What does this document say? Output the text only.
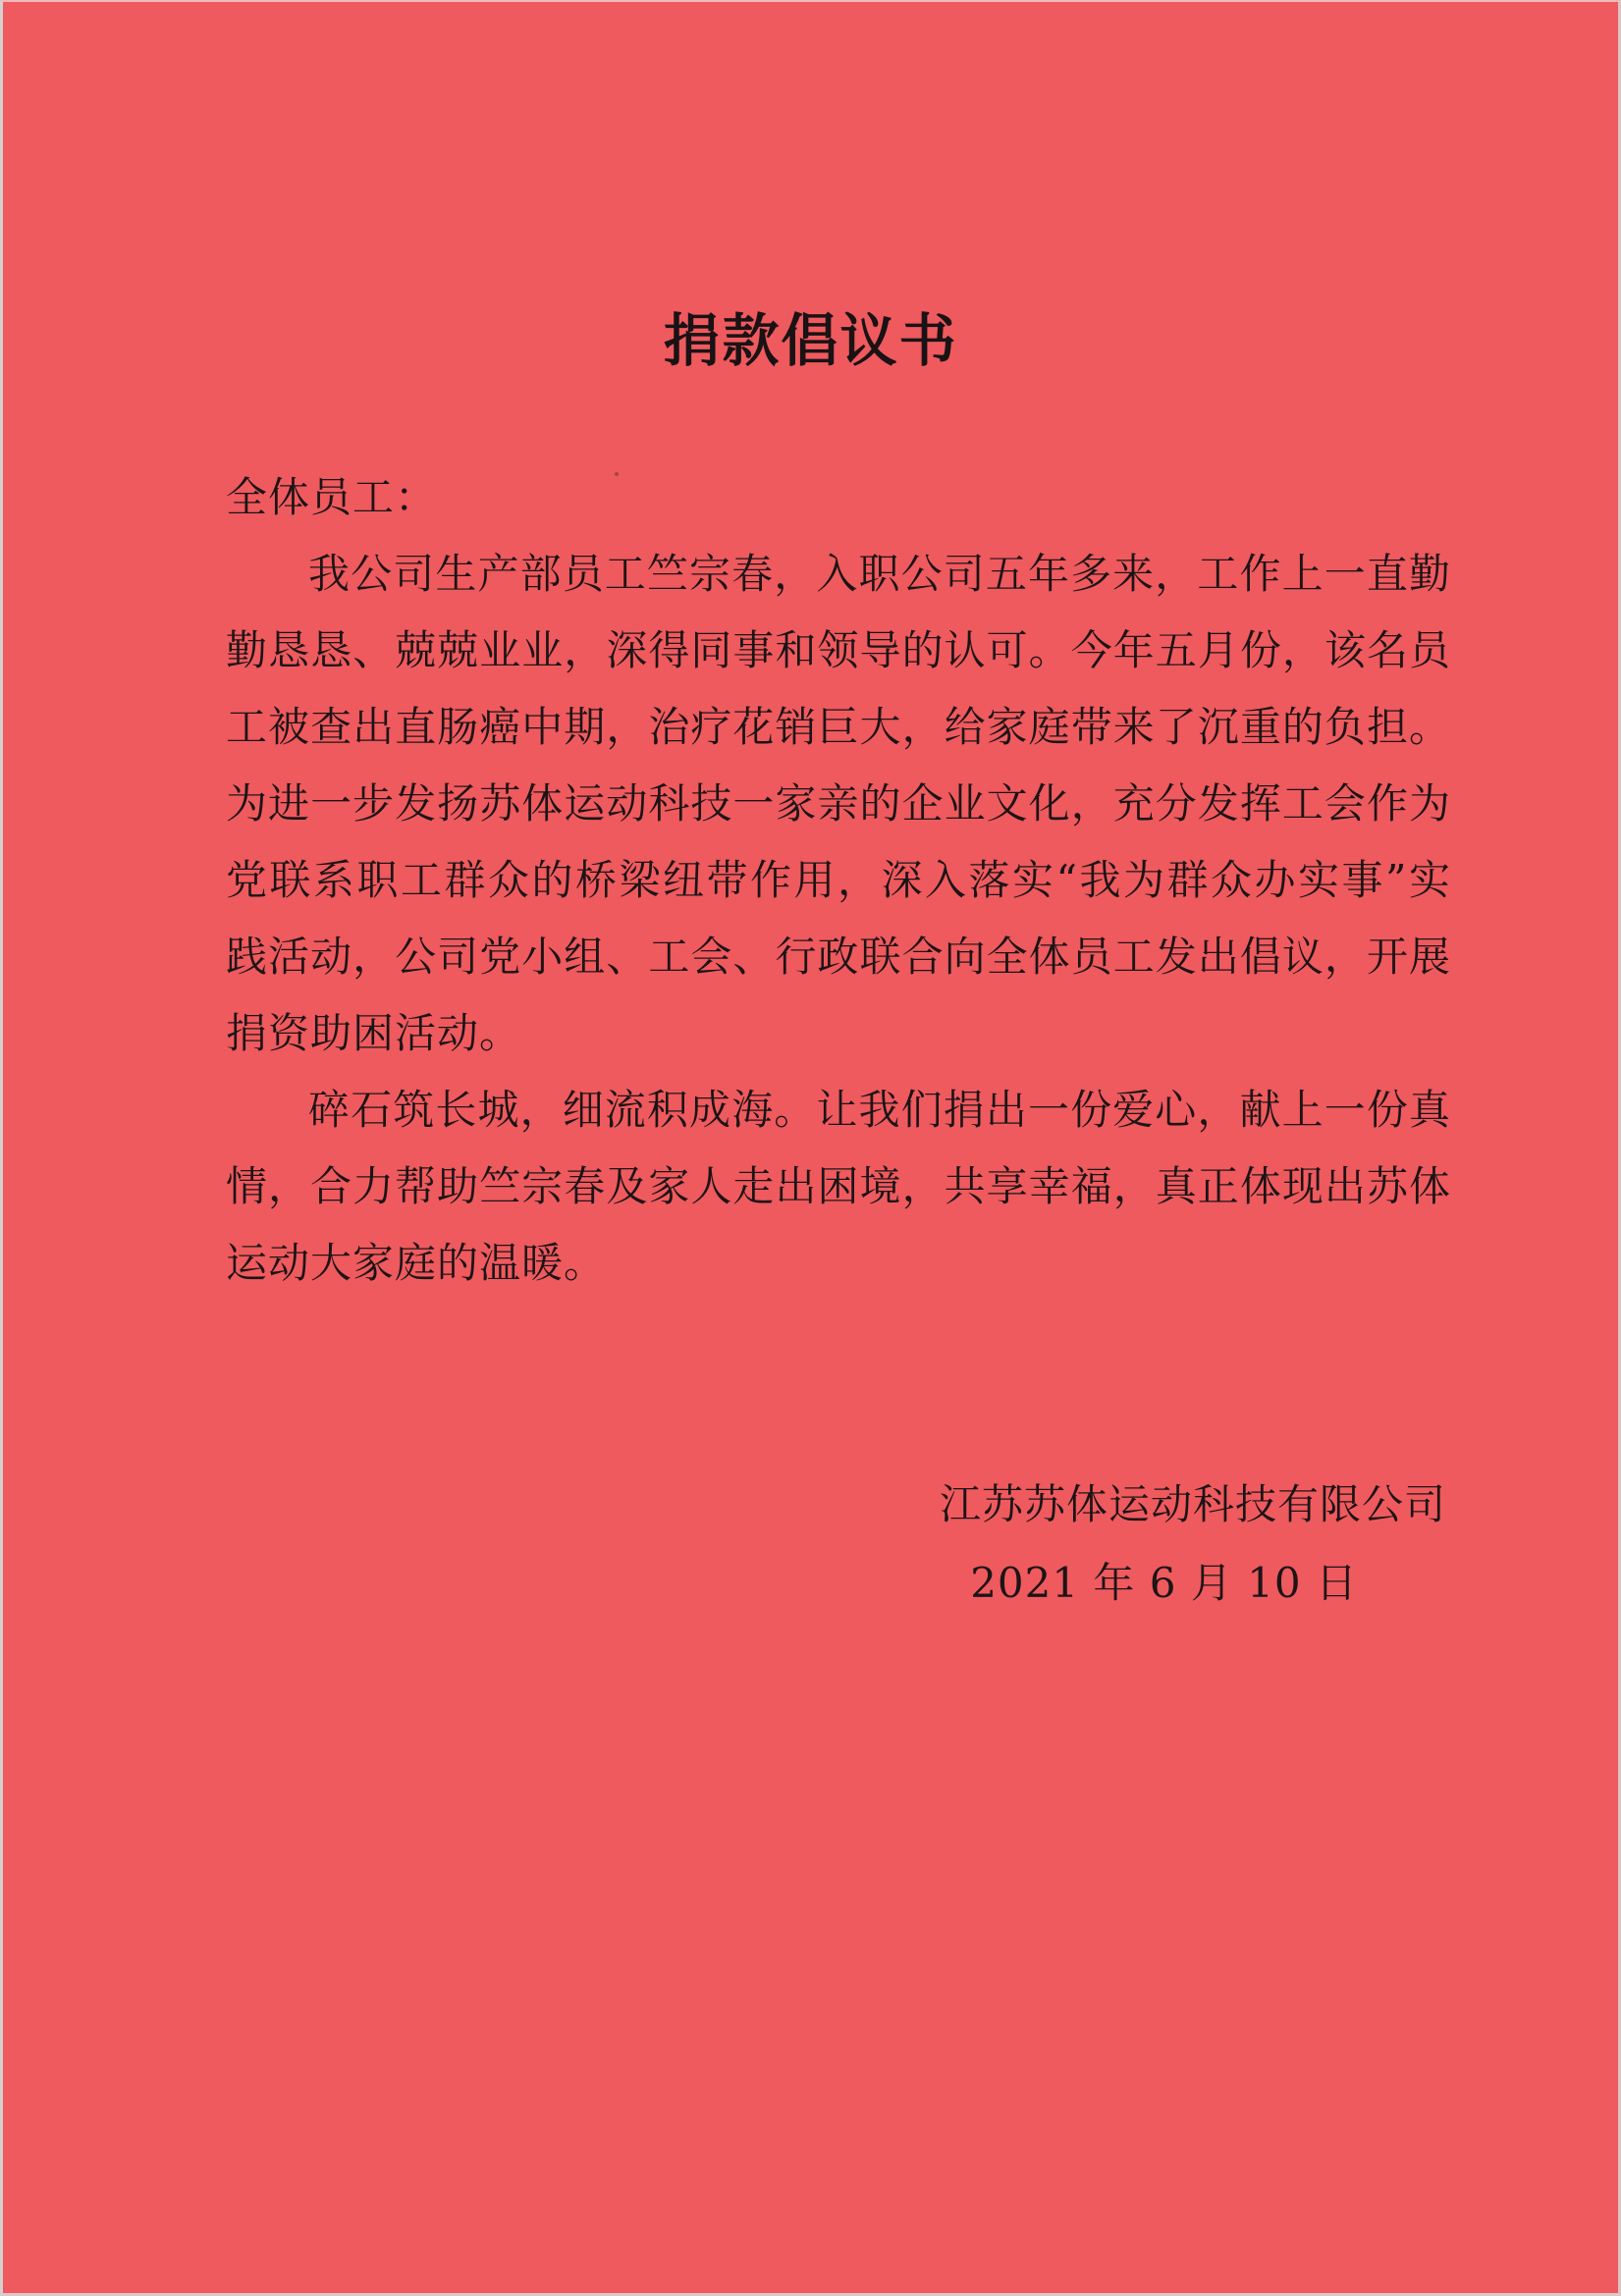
捐款倡议书

全体员工：

我公司生产部员工竺宗春，入职公司五年多来，工作上一直勤勤恳恳、兢兢业业，深得同事和领导的认可。今年五月份，该名员工被查出直肠癌中期，治疗花销巨大，给家庭带来了沉重的负担。为进一步发扬苏体运动科技一家亲的企业文化，充分发挥工会作为党联系职工群众的桥梁纽带作用，深入落实“我为群众办实事”实践活动，公司党小组、工会、行政联合向全体员工发出倡议，开展捐资助困活动。

碎石筑长城，细流积成海。让我们捐出一份爱心，献上一份真情，合力帮助竺宗春及家人走出困境，共享幸福，真正体现出苏体运动大家庭的温暖。

江苏苏体运动科技有限公司
2021 年 6 月 10 日
